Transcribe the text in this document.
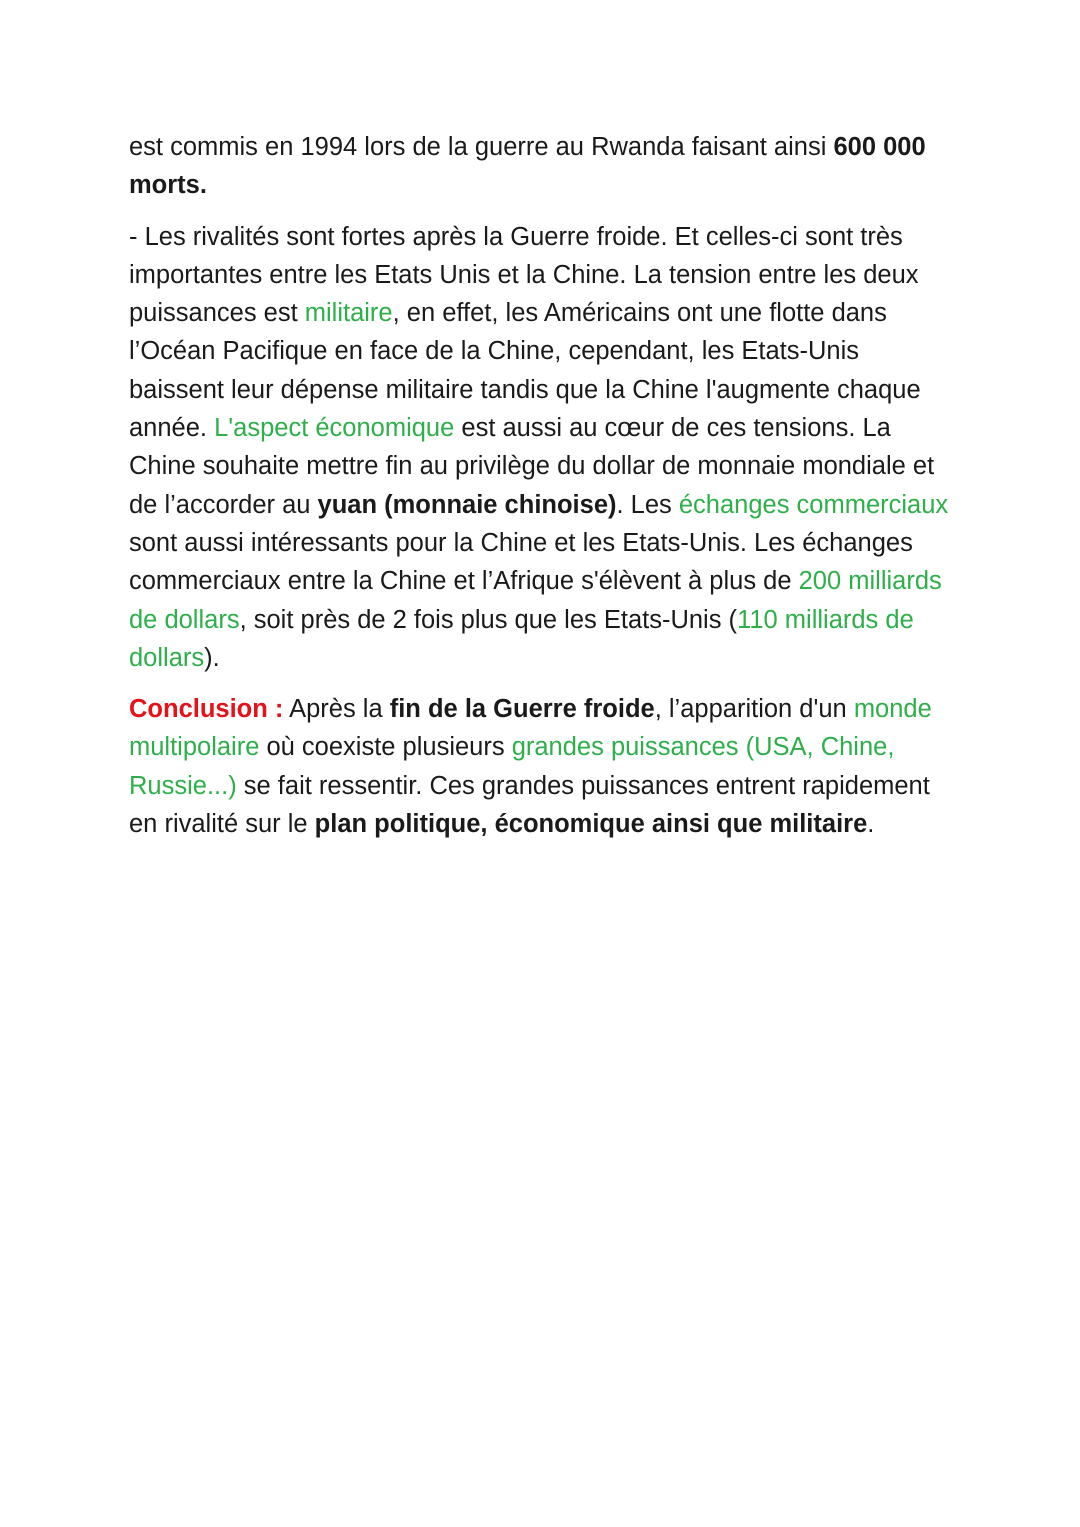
est commis en 1994 lors de la guerre au Rwanda faisant ainsi 600 000 morts.

- Les rivalités sont fortes après la Guerre froide. Et celles-ci sont très importantes entre les Etats Unis et la Chine. La tension entre les deux puissances est militaire, en effet, les Américains ont une flotte dans l’Océan Pacifique en face de la Chine, cependant, les Etats-Unis baissent leur dépense militaire tandis que la Chine l'augmente chaque année. L'aspect économique est aussi au cœur de ces tensions. La Chine souhaite mettre fin au privilège du dollar de monnaie mondiale et de l’accorder au yuan (monnaie chinoise). Les échanges commerciaux sont aussi intéressants pour la Chine et les Etats-Unis. Les échanges commerciaux entre la Chine et l’Afrique s'élèvent à plus de 200 milliards de dollars, soit près de 2 fois plus que les Etats-Unis (110 milliards de dollars).

Conclusion : Après la fin de la Guerre froide, l’apparition d'un monde multipolaire où coexiste plusieurs grandes puissances (USA, Chine, Russie...) se fait ressentir. Ces grandes puissances entrent rapidement en rivalité sur le plan politique, économique ainsi que militaire.
